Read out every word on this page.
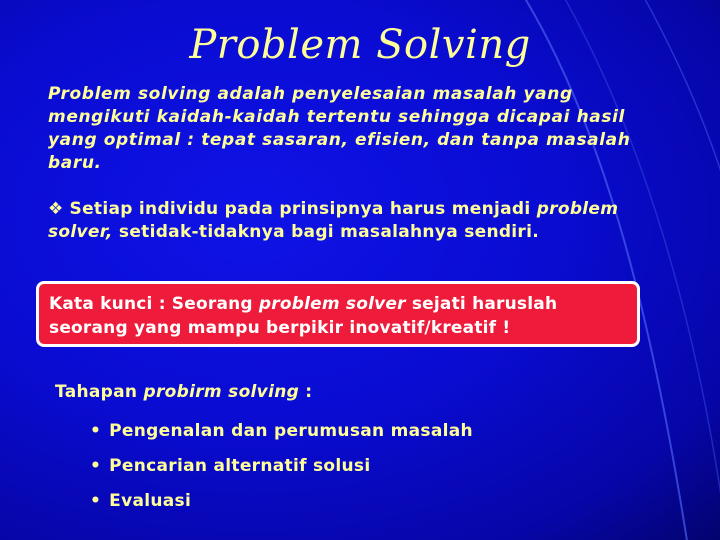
Problem Solving
Problem solving adalah penyelesaian masalah yang mengikuti kaidah-kaidah tertentu sehingga dicapai hasil yang optimal : tepat sasaran, efisien, dan tanpa masalah baru.
❖ Setiap individu pada prinsipnya harus menjadi problem solver, setidak-tidaknya bagi masalahnya sendiri.
Kata kunci : Seorang problem solver sejati haruslah seorang yang mampu berpikir inovatif/kreatif !
Tahapan probirm solving :
• Pengenalan dan perumusan masalah
• Pencarian alternatif solusi
• Evaluasi
